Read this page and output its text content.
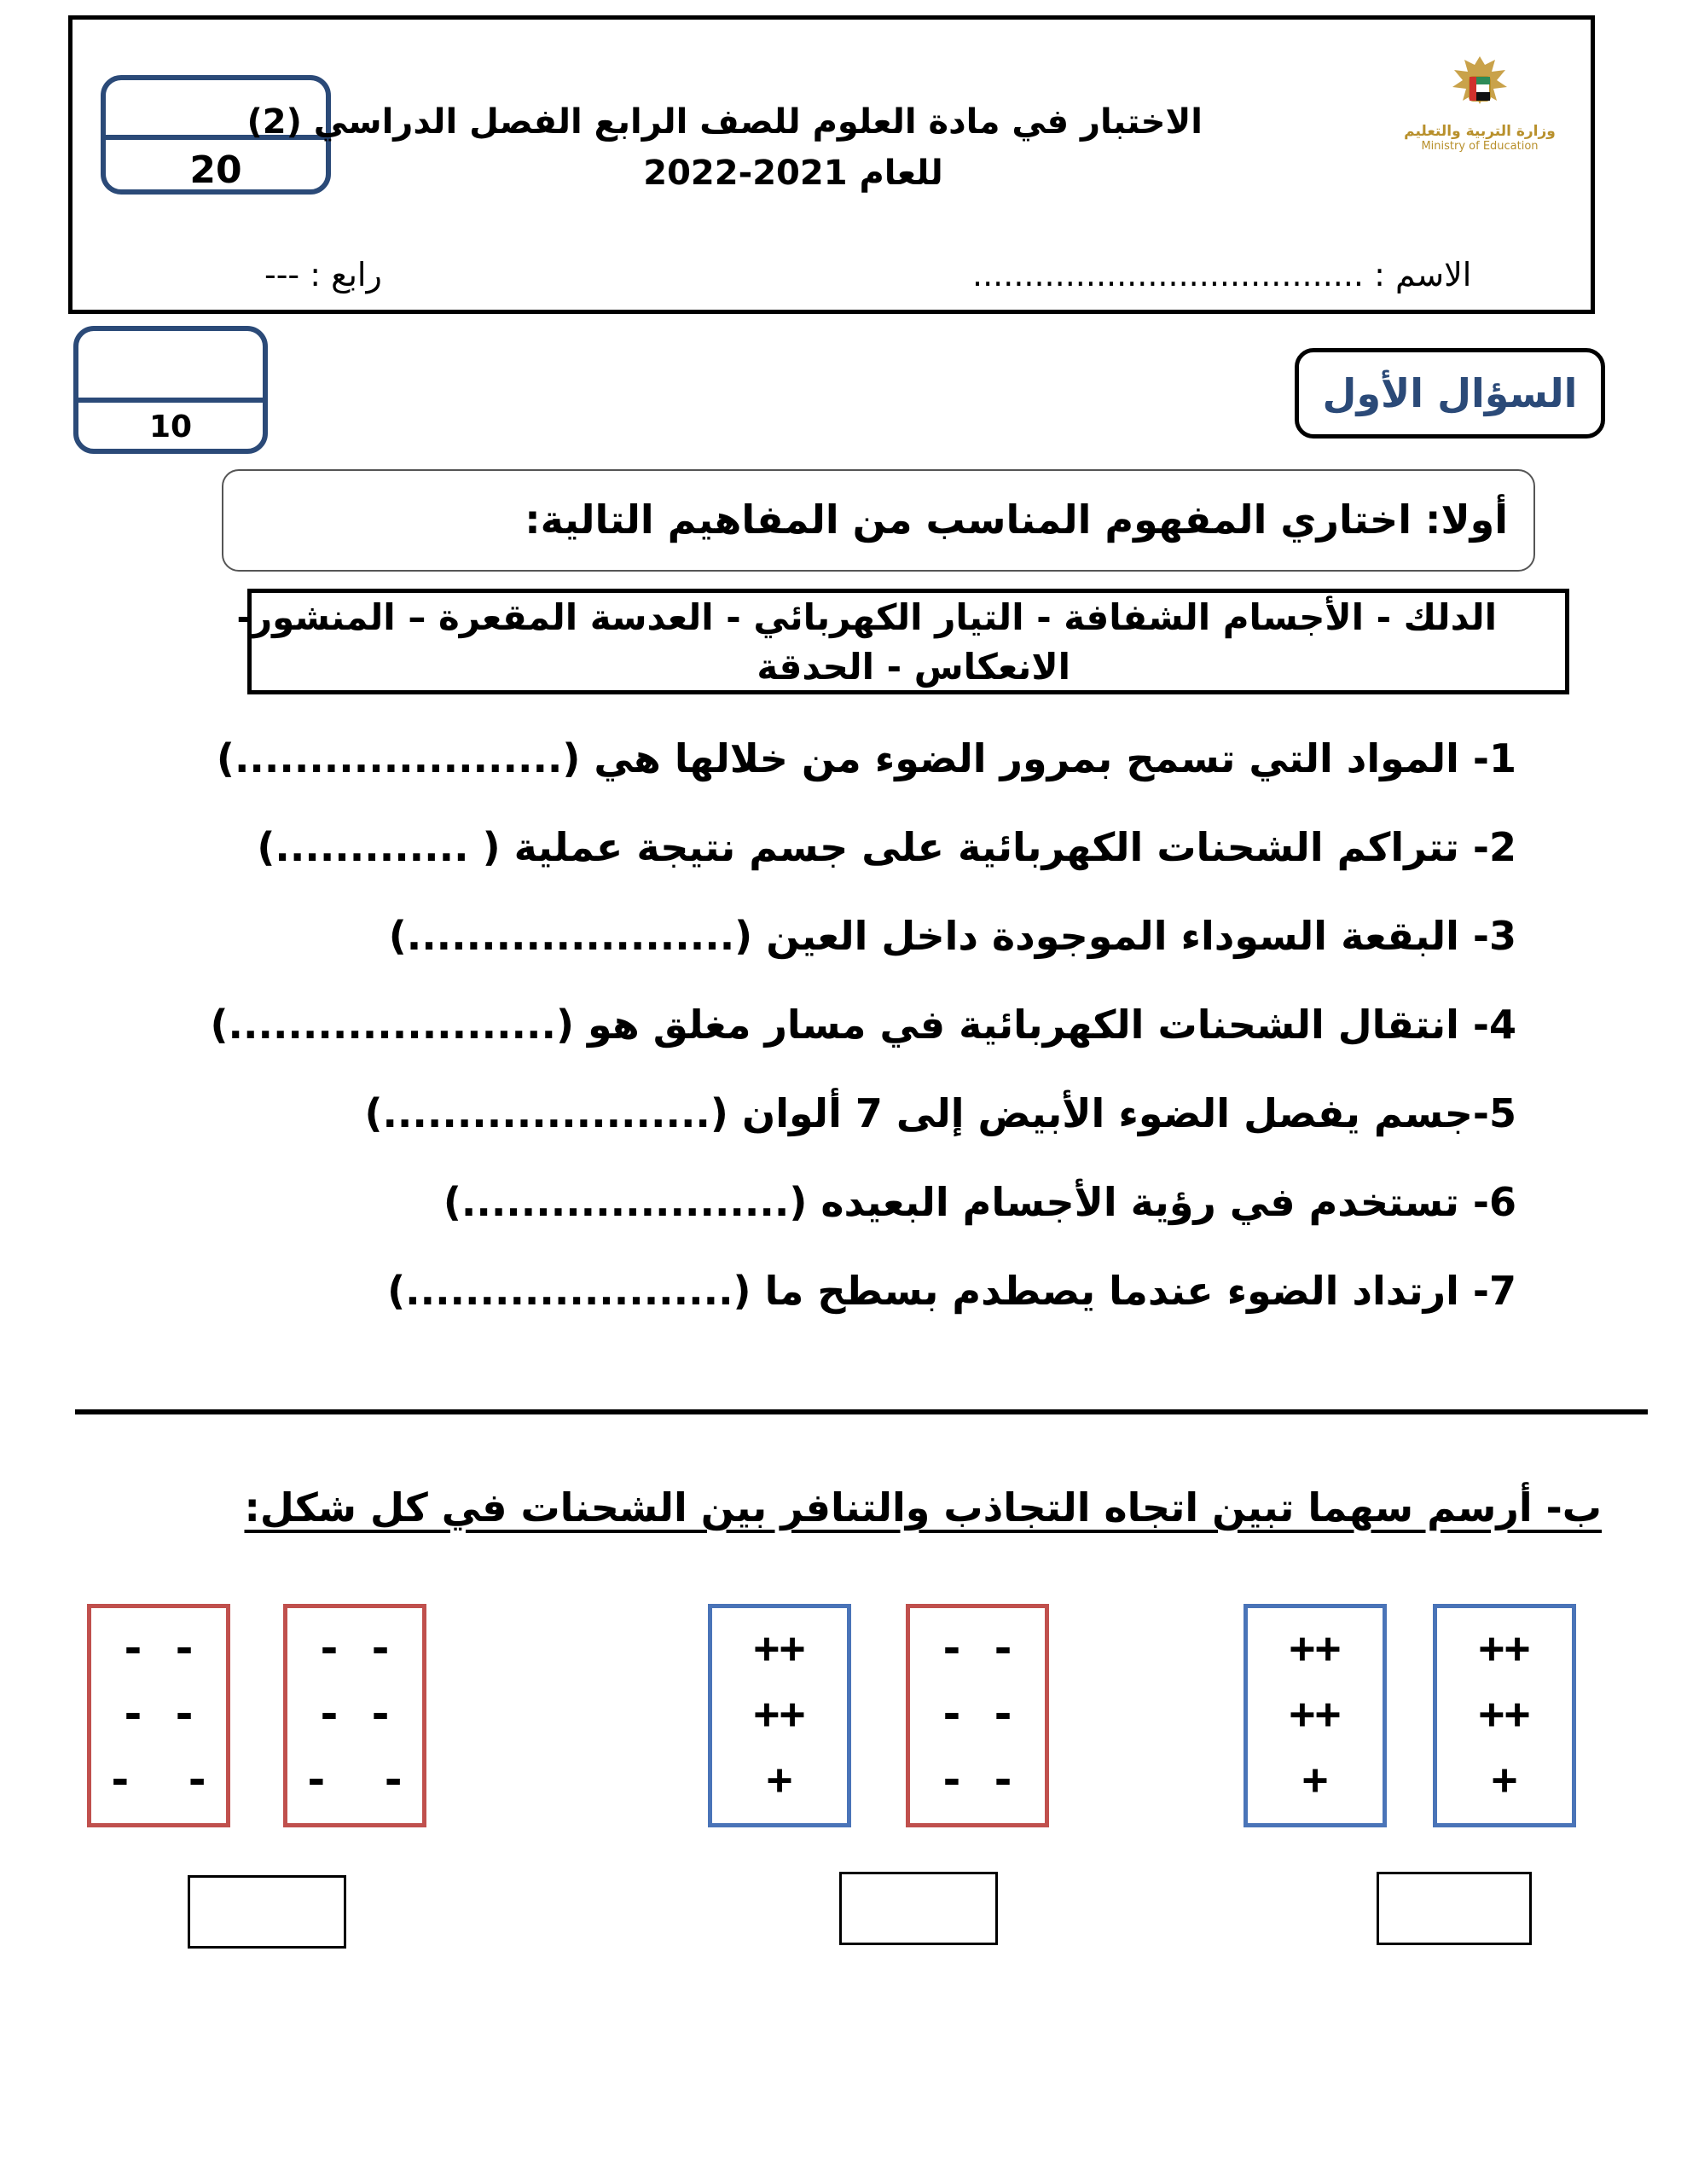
20
الاختبار في مادة العلوم للصف الرابع الفصل الدراسي (2)
للعام 2021-2022
وزارة التربية والتعليم
Ministry of Education
الاسم : ......................................
رابع : ---
10
السؤال الأول
أولا: اختاري المفهوم المناسب من المفاهيم التالية:
الدلك - الأجسام الشفافة - التيار الكهربائي - العدسة المقعرة – المنشور-
الانعكاس - الحدقة
1- المواد التي تسمح بمرور الضوء من خلالها هي (......................)
2- تتراكم الشحنات الكهربائية على جسم نتيجة عملية ( .............)
3- البقعة السوداء الموجودة داخل العين (......................)
4- انتقال الشحنات الكهربائية في مسار مغلق هو (......................)
5-جسم يفصل الضوء الأبيض إلى 7 ألوان (......................)
6- تستخدم في رؤية الأجسام البعيده (......................)
7- ارتداد الضوء عندما يصطدم بسطح ما (......................)
ب- أرسم سهما تبين اتجاه التجاذب والتنافر بين الشحنات في كل شكل:
++
++
+
++
++
+
- -
- -
- -
++
++
+
- -
- -
-  -
- -
- -
-  -
